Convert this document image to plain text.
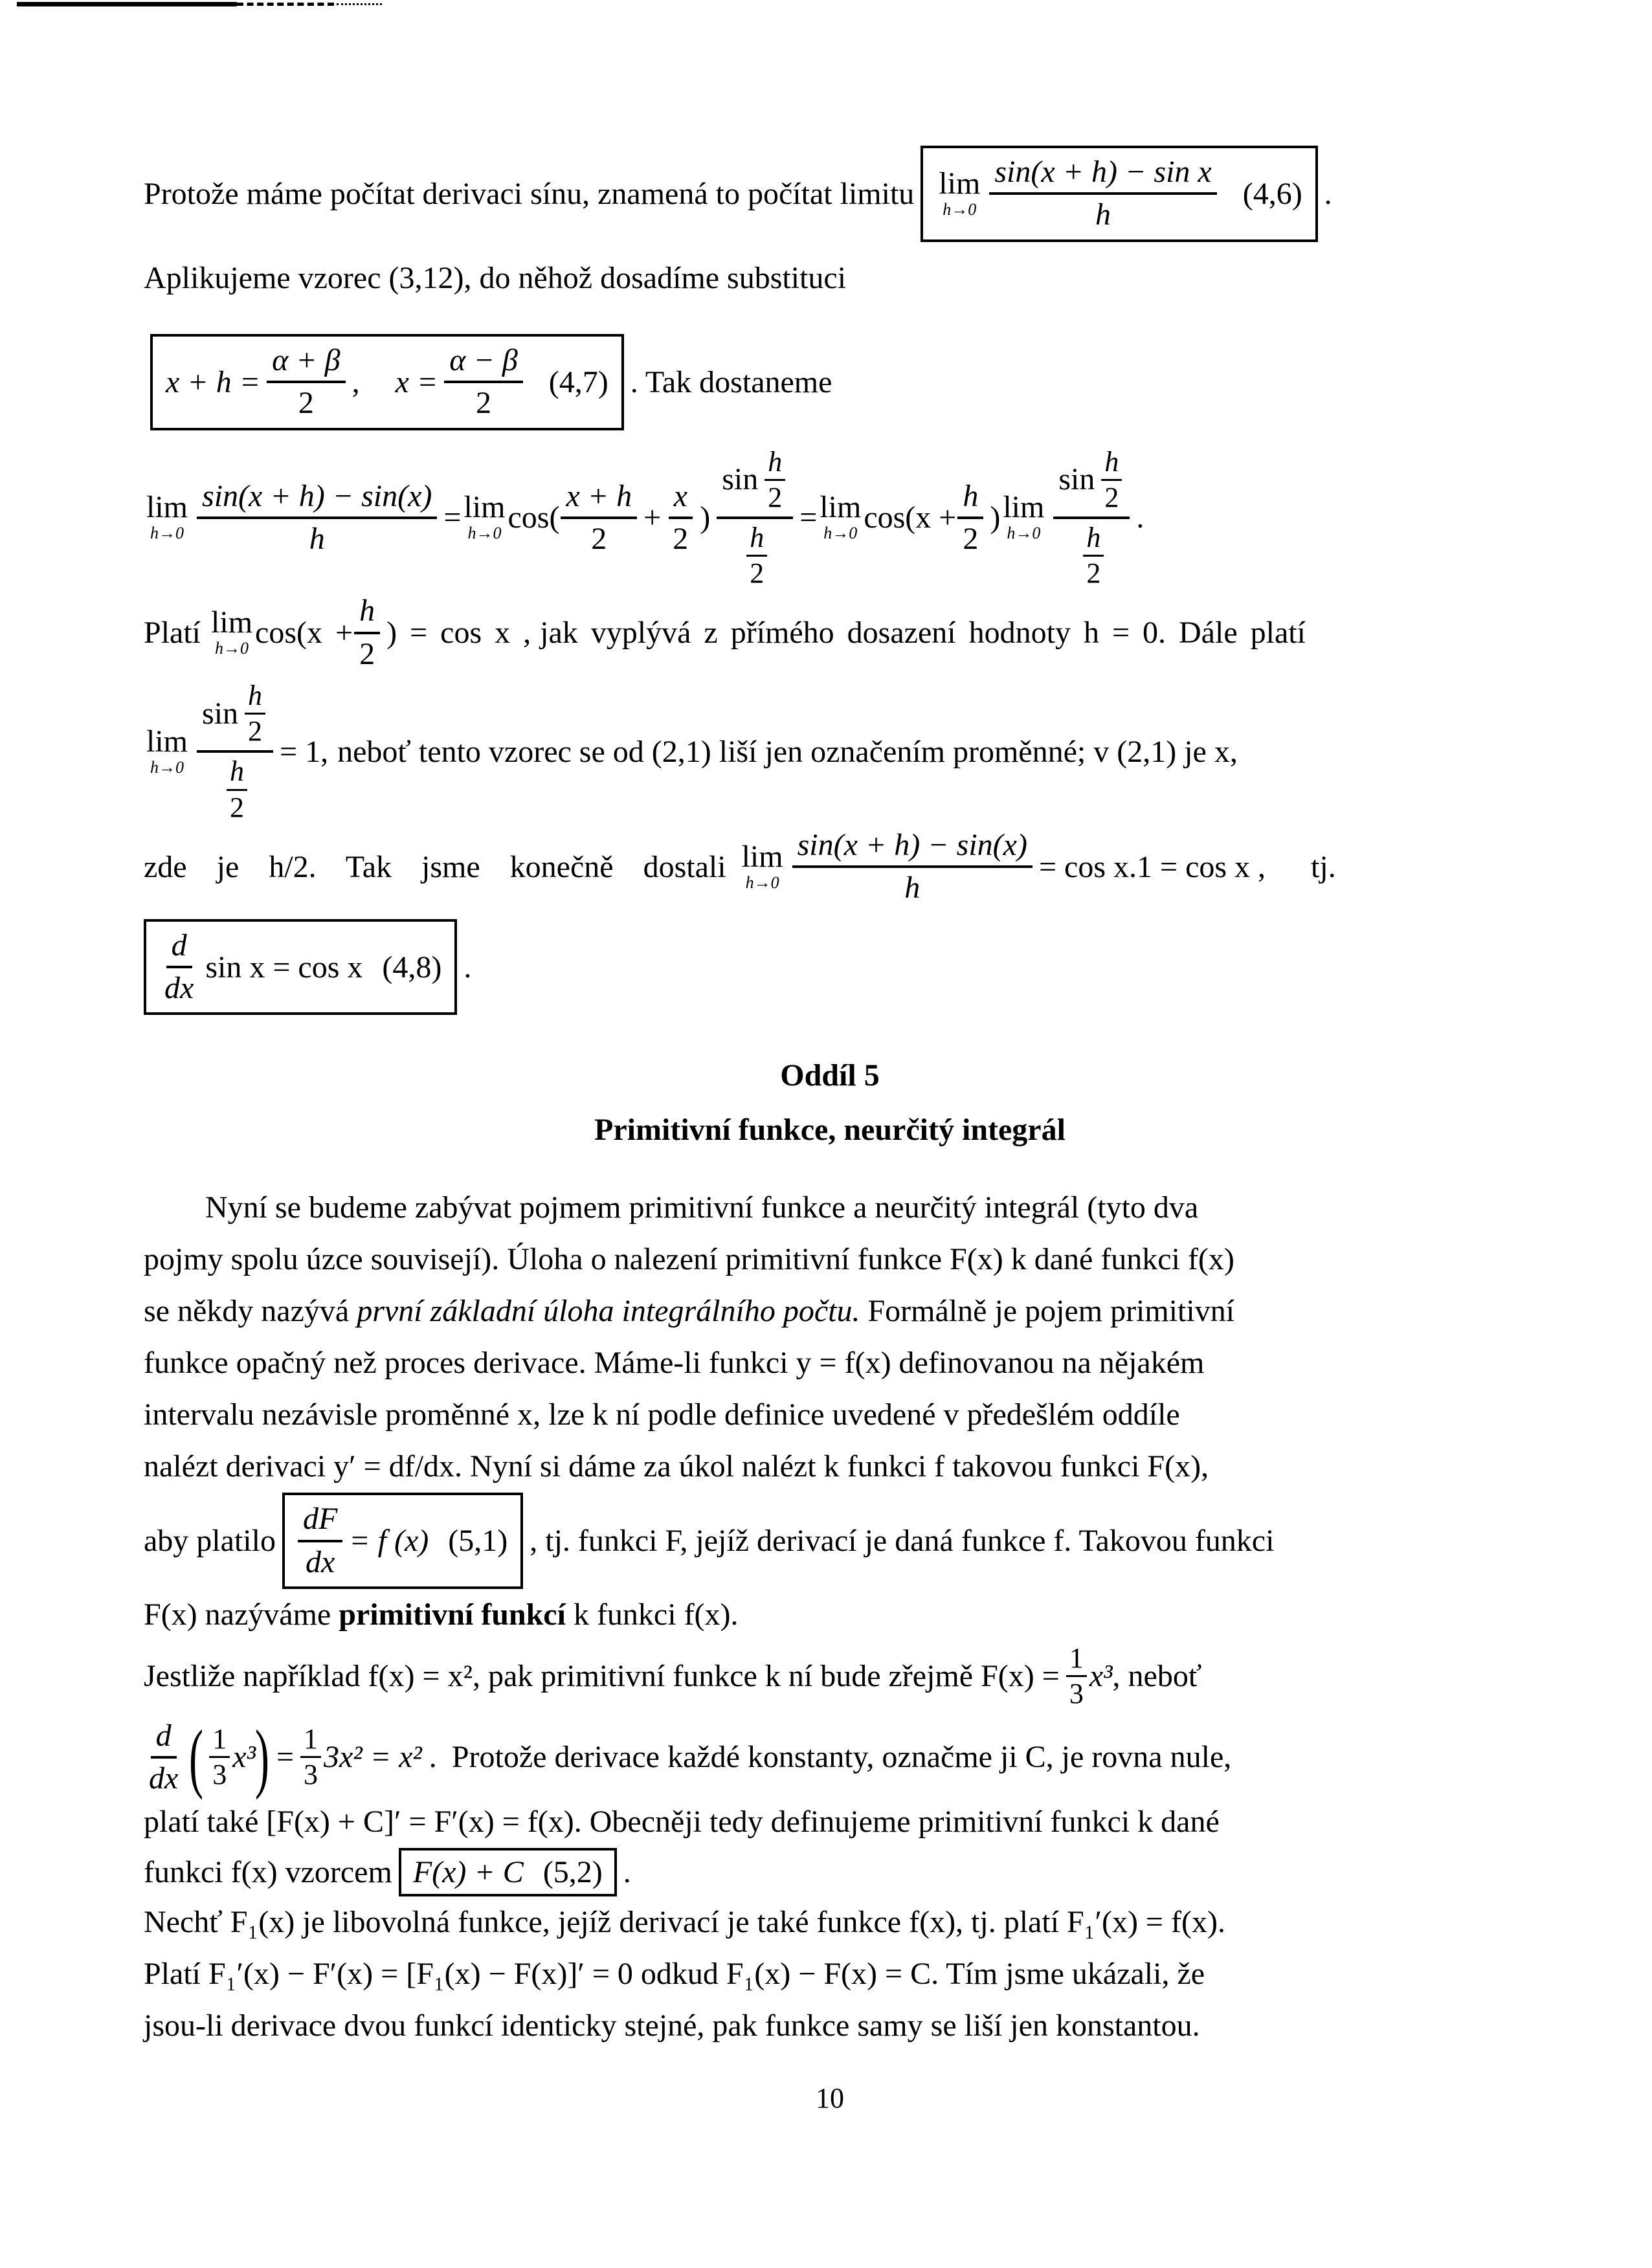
Protože máme počítat derivaci sínu, znamená to počítat limitu lim
$h\to 0 \frac{\text{sin(x + h) − sin x}}{h} (4,6)$ .
Aplikujeme vzorec (3,12), do něhož dosadíme substituci
$x + h = \frac{\alpha + \beta}{2}$ , $x = \frac{\alpha - \beta}{2} (4,7)$ . Tak dostaneme
lim
$h\to 0 \frac{\sin(x + h) - \sin(x)}{h} = \lim$
h→0 $\cos( \frac{x + h}{2} + \frac{x}{2}$ ) $\frac{\sin \frac{h}{2}}{\frac{h}{2}} = \lim$
h→0 $\cos(x + \frac{h}{2}$ ) lim
$h\to 0 \frac{\sin \frac{h}{2}}{\frac{h}{2}}$ .
Platí lim
h→0 $\cos(x + \frac{h}{2}$ ) = cos x , jak vyplývá z přímého dosazení hodnoty h = 0. Dále platí
lim
$h\to 0 \frac{\sin \frac{h}{2}}{\frac{h}{2}} = 1$, neboť tento vzorec se od (2,1) liší jen označením proměnné; v (2,1) je x,
zde je h/2. Tak jsme konečně dostali lim
$h\to 0 \frac{\sin(x + h) - \sin(x)}{h} = \cos x.1 = \cos x$ , tj.
$\frac{d}{dx}$ sin x = cos x (4,8) .
Oddíl 5
Primitivní funkce, neurčitý integrál
Nyní se budeme zabývat pojmem primitivní funkce a neurčitý integrál (tyto dva
pojmy spolu úzce souvisejí). Úloha o nalezení primitivní funkce F(x) k dané funkci f(x)
se někdy nazývá první základní úloha integrálního počtu. Formálně je pojem primitivní
funkce opačný než proces derivace. Máme-li funkci y = f(x) definovanou na nějakém
intervalu nezávisle proměnné x, lze k ní podle definice uvedené v předešlém oddíle
nalézt derivaci y′ = df/dx. Nyní si dáme za úkol nalézt k funkci f takovou funkci F(x),
aby platilo $\frac{dF}{dx} = f$ (x) (5,1) , tj. funkci F, jejíž derivací je daná funkce f. Takovou funkci
F(x) nazýváme primitivní funkcí k funkci f(x).
Jestliže například f(x) = x², pak primitivní funkce k ní bude zřejmě $F(x) = \frac{1}{3} x^3$ , neboť
$\frac{d}{dx}$ ( $\frac{1}{3} x^3$
) = $\frac{1}{3} 3x^2 = x^2$ . Protože derivace každé konstanty, označme ji C, je rovna nule,
platí také [F(x) + C]′ = F′(x) = f(x). Obecněji tedy definujeme primitivní funkci k dané
funkci f(x) vzorcem F(x) + C (5,2) .
Nechť F₁(x) je libovolná funkce, jejíž derivací je také funkce f(x), tj. platí F₁′(x) = f(x).
Platí F₁′(x) − F′(x) = [F₁(x) − F(x)]′ = 0 odkud F₁(x) − F(x) = C. Tím jsme ukázali, že
jsou-li derivace dvou funkcí identicky stejné, pak funkce samy se liší jen konstantou.
10
